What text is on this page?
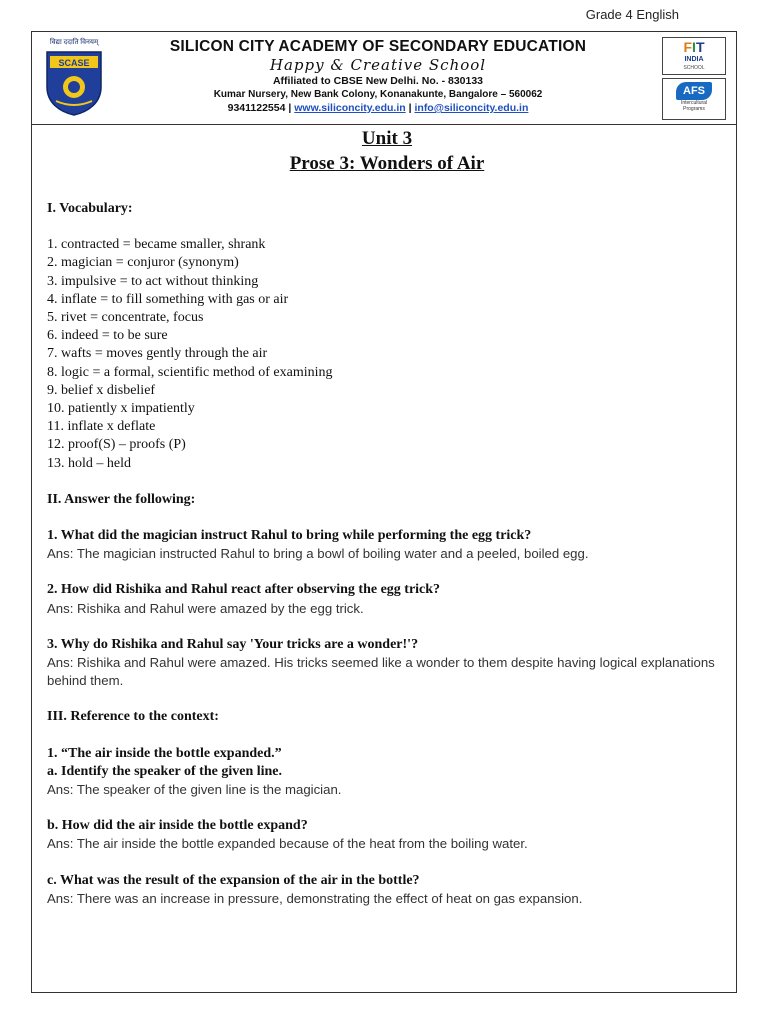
Grade 4 English
विद्या ददाति विनयम्
SCASE
SILICON CITY ACADEMY OF SECONDARY EDUCATION
Happy & Creative School
Affiliated to CBSE New Delhi. No. - 830133
Kumar Nursery, New Bank Colony, Konanakunte, Bangalore – 560062
9341122554 | www.siliconcity.edu.in | info@siliconcity.edu.in
FIT
INDIA
SCHOOL
AFS
Intercultural
Programs
Unit 3
Prose 3: Wonders of Air
I. Vocabulary:
1. contracted = became smaller, shrank
2. magician = conjuror (synonym)
3. impulsive = to act without thinking
4. inflate = to fill something with gas or air
5. rivet = concentrate, focus
6. indeed = to be sure
7. wafts = moves gently through the air
8. logic = a formal, scientific method of examining
9. belief x disbelief
10. patiently x impatiently
11. inflate x deflate
12. proof(S) – proofs (P)
13. hold – held
II. Answer the following:
1. What did the magician instruct Rahul to bring while performing the egg trick?
Ans: The magician instructed Rahul to bring a bowl of boiling water and a peeled, boiled egg.
2. How did Rishika and Rahul react after observing the egg trick?
Ans: Rishika and Rahul were amazed by the egg trick.
3. Why do Rishika and Rahul say 'Your tricks are a wonder!'?
Ans: Rishika and Rahul were amazed. His tricks seemed like a wonder to them despite having logical explanations behind them.
III. Reference to the context:
1. “The air inside the bottle expanded.”
a. Identify the speaker of the given line.
Ans: The speaker of the given line is the magician.
b. How did the air inside the bottle expand?
Ans: The air inside the bottle expanded because of the heat from the boiling water.
c. What was the result of the expansion of the air in the bottle?
Ans: There was an increase in pressure, demonstrating the effect of heat on gas expansion.
